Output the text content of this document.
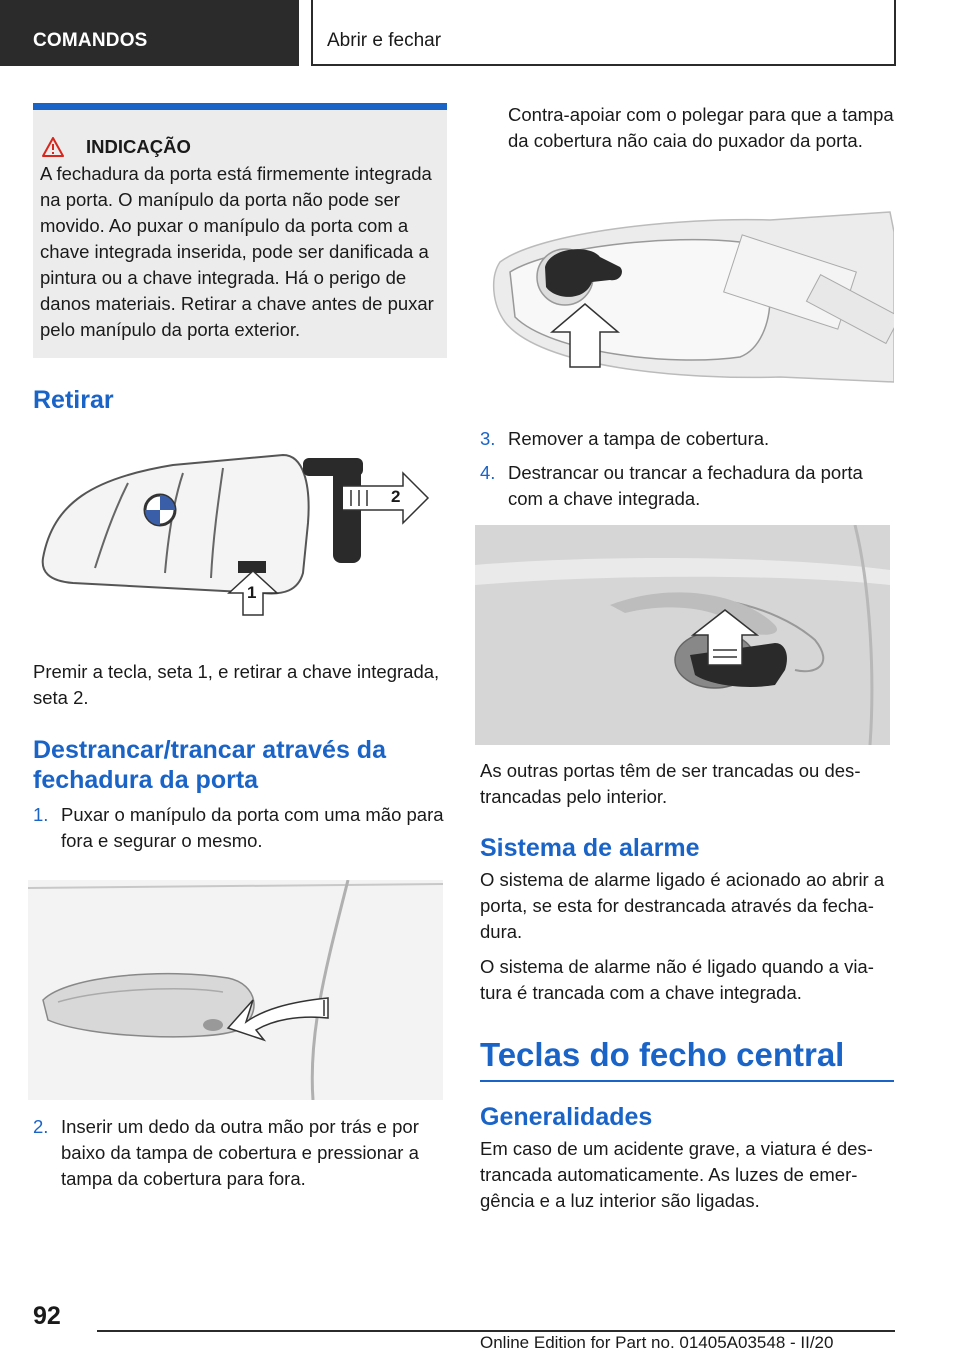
COMANDOS	Abrir e fechar
INDICAÇÃO
A fechadura da porta está firmemente integrada na porta. O manípulo da porta não pode ser movido. Ao puxar o manípulo da porta com a chave integrada inserida, pode ser danificada a pintura ou a chave integrada. Há o perigo de danos materiais. Retirar a chave antes de puxar pelo manípulo da porta exterior.
Retirar
2
1

Premir a tecla, seta 1, e retirar a chave integrada, seta 2.

Destrancar/trancar através da fechadura da porta
1. Puxar o manípulo da porta com uma mão para fora e segurar o mesmo.
2. Inserir um dedo da outra mão por trás e por baixo da tampa de cobertura e pressionar a tampa da cobertura para fora.

Contra-apoiar com o polegar para que a tampa da cobertura não caia do puxador da porta.

3. Remover a tampa de cobertura.
4. Destrancar ou trancar a fechadura da porta com a chave integrada.

As outras portas têm de ser trancadas ou destrancadas pelo interior.

Sistema de alarme

O sistema de alarme ligado é acionado ao abrir a porta, se esta for destrancada através da fechadura.

O sistema de alarme não é ligado quando a viatura é trancada com a chave integrada.

Teclas do fecho central
Generalidades

Em caso de um acidente grave, a viatura é destrancada automaticamente. As luzes de emergência e a luz interior são ligadas.

92
Online Edition for Part no. 01405A03548 - II/20
